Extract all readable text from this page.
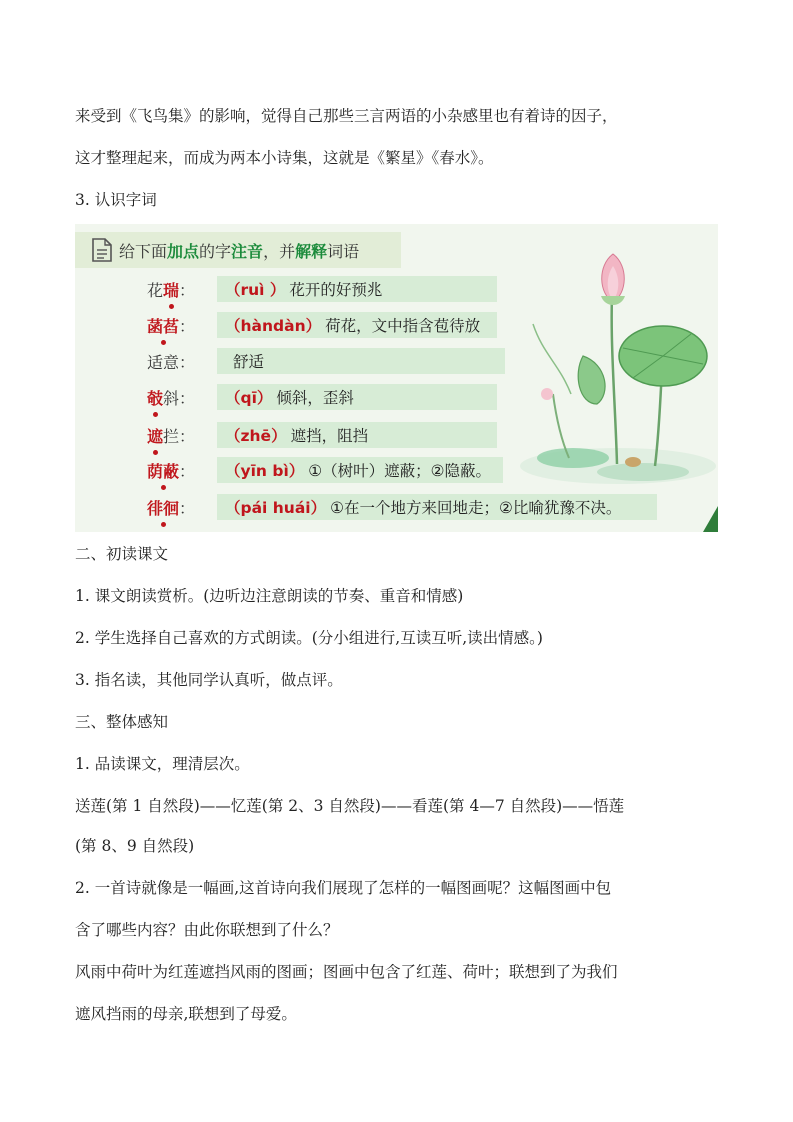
来受到《飞鸟集》的影响，觉得自己那些三言两语的小杂感里也有着诗的因子，
这才整理起来，而成为两本小诗集，这就是《繁星》《春水》。
3. 认识字词
给下面 加点 的字 注音 ，并 解释 词语
花瑞：	（ruì ） 花开的好预兆
菡萏：	（hàndàn） 荷花，文中指含苞待放
适意：	舒适
攲斜：	（qī） 倾斜，歪斜
遮拦：	（zhē） 遮挡，阻挡
荫蔽：	（yīn bì） ①（树叶）遮蔽；②隐蔽。
徘徊：	（pái huái） ①在一个地方来回地走；②比喻犹豫不决。
二、初读课文
1. 课文朗读赏析。(边听边注意朗读的节奏、重音和情感)
2. 学生选择自己喜欢的方式朗读。(分小组进行,互读互听,读出情感。)
3. 指名读，其他同学认真听，做点评。
三、整体感知
1. 品读课文，理清层次。
送莲(第 1 自然段)——忆莲(第 2、3 自然段)——看莲(第 4—7 自然段)——悟莲
(第 8、9 自然段)
2. 一首诗就像是一幅画,这首诗向我们展现了怎样的一幅图画呢？这幅图画中包
含了哪些内容？由此你联想到了什么？
风雨中荷叶为红莲遮挡风雨的图画；图画中包含了红莲、荷叶；联想到了为我们
遮风挡雨的母亲,联想到了母爱。
